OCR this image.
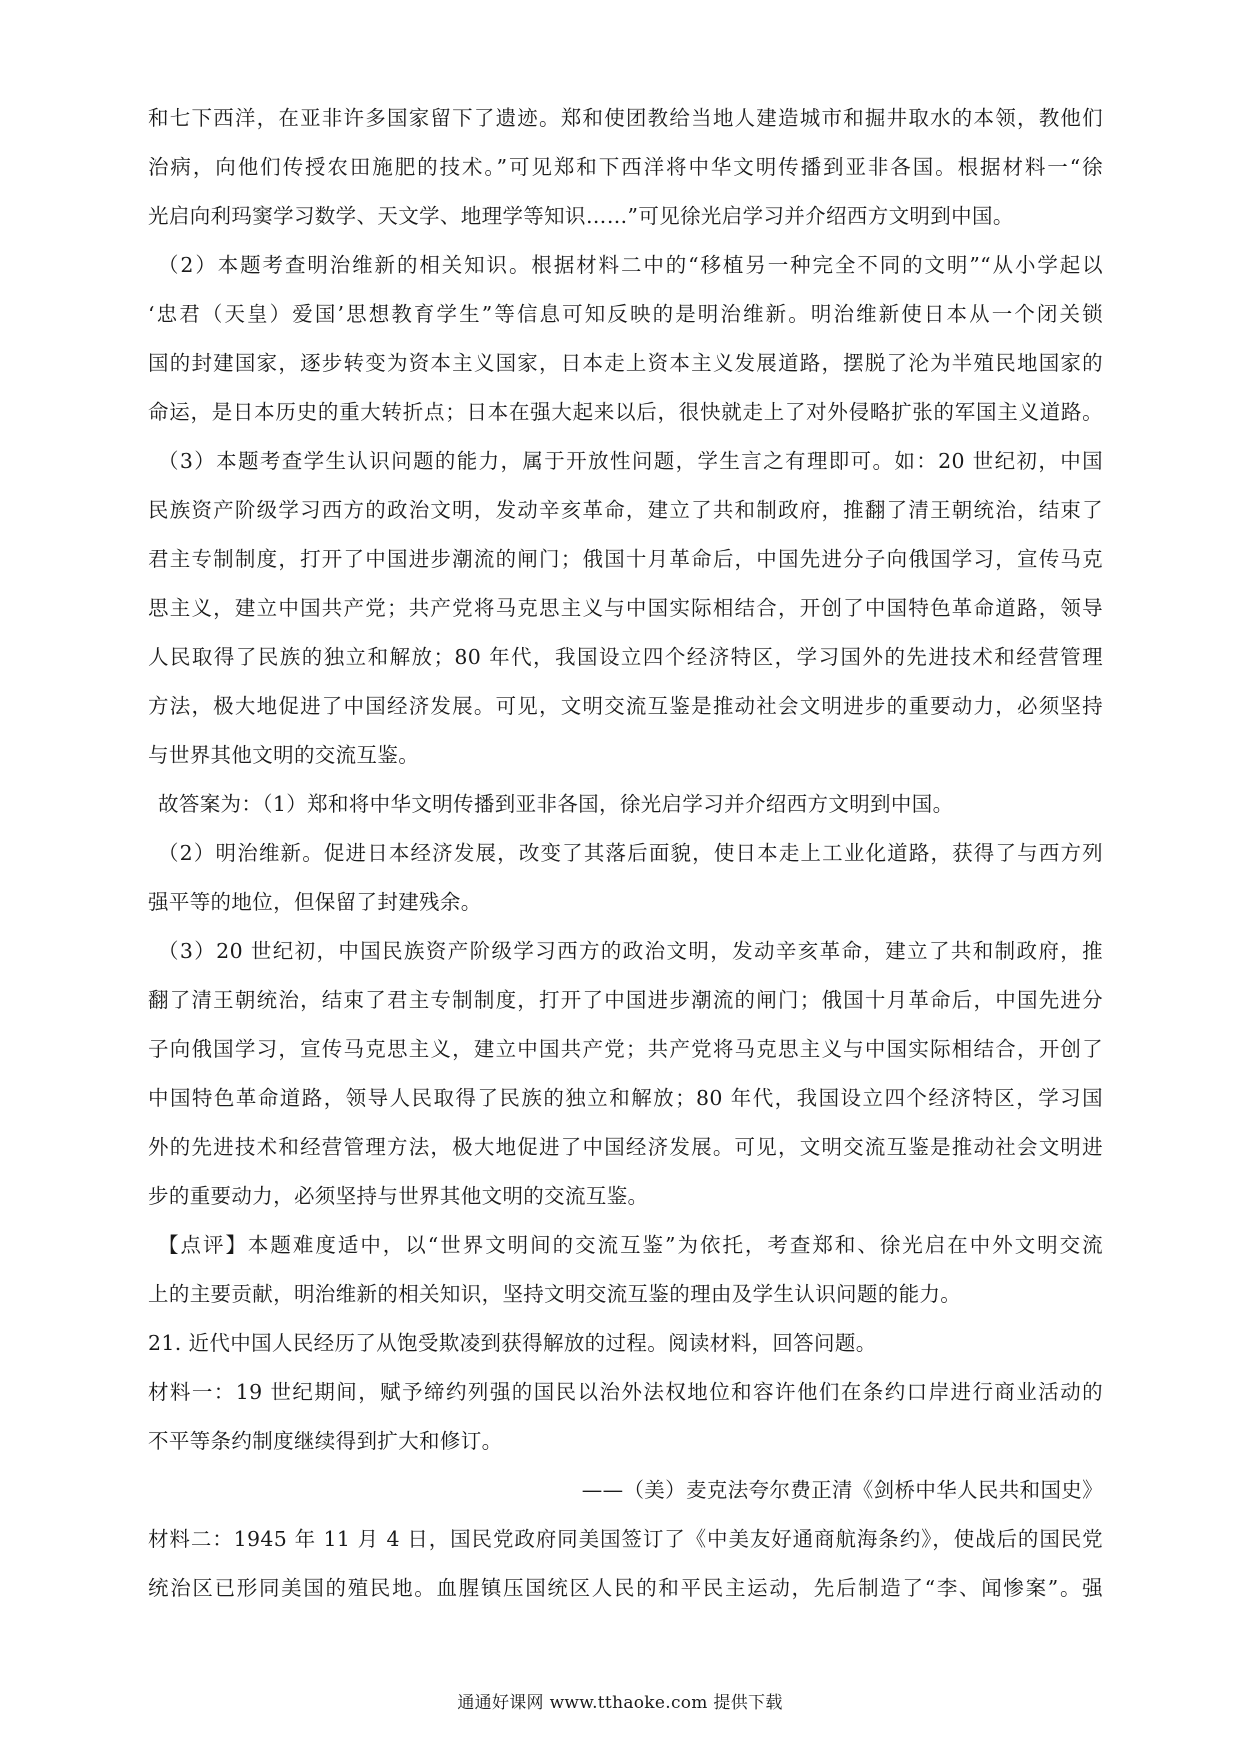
和七下西洋，在亚非许多国家留下了遗迹。郑和使团教给当地人建造城市和掘井取水的本领，教他们
治病，向他们传授农田施肥的技术。”可见郑和下西洋将中华文明传播到亚非各国。根据材料一“徐
光启向利玛窦学习数学、天文学、地理学等知识……”可见徐光启学习并介绍西方文明到中国。
（2）本题考查明治维新的相关知识。根据材料二中的“移植另一种完全不同的文明”“从小学起以
‘忠君（天皇）爱国’思想教育学生”等信息可知反映的是明治维新。明治维新使日本从一个闭关锁
国的封建国家，逐步转变为资本主义国家，日本走上资本主义发展道路，摆脱了沦为半殖民地国家的
命运，是日本历史的重大转折点；日本在强大起来以后，很快就走上了对外侵略扩张的军国主义道路。
（3）本题考查学生认识问题的能力，属于开放性问题，学生言之有理即可。如：20 世纪初，中国
民族资产阶级学习西方的政治文明，发动辛亥革命，建立了共和制政府，推翻了清王朝统治，结束了
君主专制制度，打开了中国进步潮流的闸门；俄国十月革命后，中国先进分子向俄国学习，宣传马克
思主义，建立中国共产党；共产党将马克思主义与中国实际相结合，开创了中国特色革命道路，领导
人民取得了民族的独立和解放；80 年代，我国设立四个经济特区，学习国外的先进技术和经营管理
方法，极大地促进了中国经济发展。可见，文明交流互鉴是推动社会文明进步的重要动力，必须坚持
与世界其他文明的交流互鉴。
故答案为：（1）郑和将中华文明传播到亚非各国，徐光启学习并介绍西方文明到中国。
（2）明治维新。促进日本经济发展，改变了其落后面貌，使日本走上工业化道路，获得了与西方列
强平等的地位，但保留了封建残余。
（3）20 世纪初，中国民族资产阶级学习西方的政治文明，发动辛亥革命，建立了共和制政府，推
翻了清王朝统治，结束了君主专制制度，打开了中国进步潮流的闸门；俄国十月革命后，中国先进分
子向俄国学习，宣传马克思主义，建立中国共产党；共产党将马克思主义与中国实际相结合，开创了
中国特色革命道路，领导人民取得了民族的独立和解放；80 年代，我国设立四个经济特区，学习国
外的先进技术和经营管理方法，极大地促进了中国经济发展。可见，文明交流互鉴是推动社会文明进
步的重要动力，必须坚持与世界其他文明的交流互鉴。
【点评】本题难度适中，以“世界文明间的交流互鉴”为依托，考查郑和、徐光启在中外文明交流
上的主要贡献，明治维新的相关知识，坚持文明交流互鉴的理由及学生认识问题的能力。
21. 近代中国人民经历了从饱受欺凌到获得解放的过程。阅读材料，回答问题。
材料一：19 世纪期间，赋予缔约列强的国民以治外法权地位和容许他们在条约口岸进行商业活动的
不平等条约制度继续得到扩大和修订。
——（美）麦克法夸尔费正清《剑桥中华人民共和国史》
材料二：1945 年 11 月 4 日，国民党政府同美国签订了《中美友好通商航海条约》，使战后的国民党
统治区已形同美国的殖民地。血腥镇压国统区人民的和平民主运动，先后制造了“李、闻惨案”。强
通通好课网 www.tthaoke.com 提供下载
